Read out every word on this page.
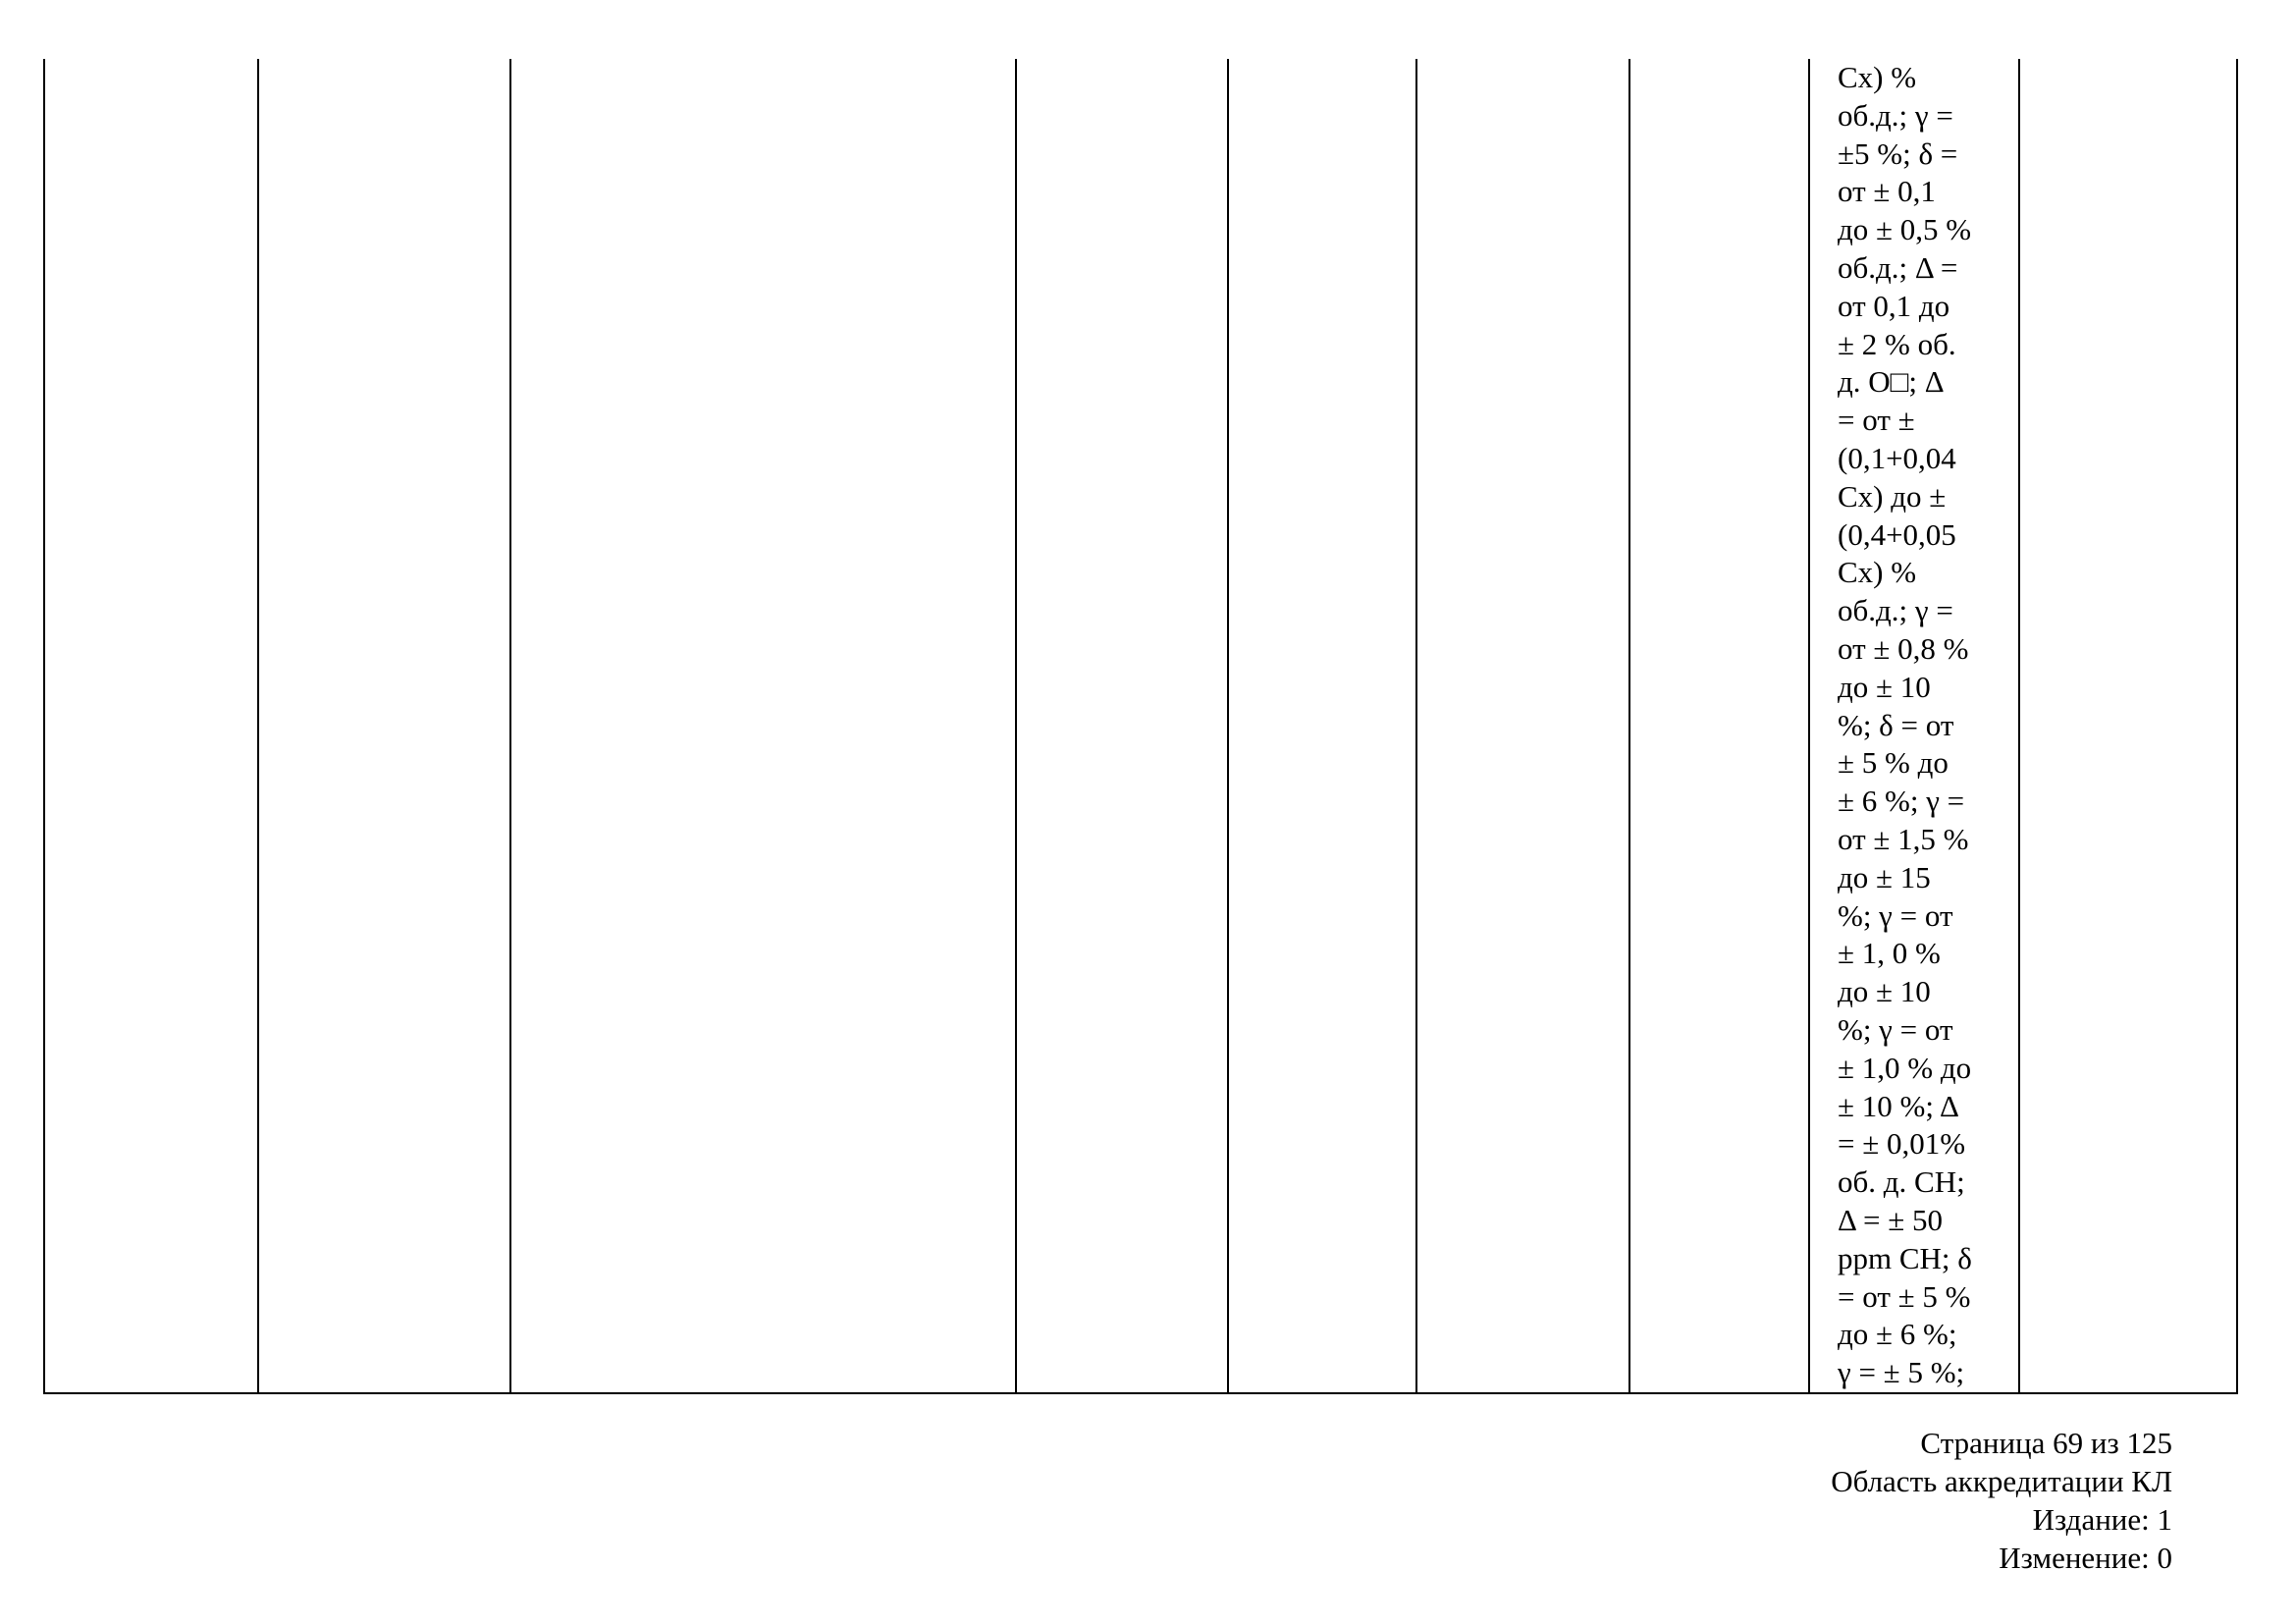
Cx) %
об.д.; γ =
±5 %; δ =
от ± 0,1
до ± 0,5 %
об.д.; Δ =
от 0,1 до
± 2 % об.
д. O□; Δ
= от ±
(0,1+0,04
Cx) до ±
(0,4+0,05
Cx) %
об.д.; γ =
от ± 0,8 %
до ± 10
%; δ = от
± 5 % до
± 6 %; γ =
от ± 1,5 %
до ± 15
%; γ = от
± 1, 0 %
до ± 10
%; γ = от
± 1,0 % до
± 10 %; Δ
= ± 0,01%
об. д. CH;
Δ = ± 50
ppm CH; δ
= от ± 5 %
до ± 6 %;
γ = ± 5 %;
Страница 69 из 125
Область аккредитации КЛ
Издание: 1
Изменение: 0
